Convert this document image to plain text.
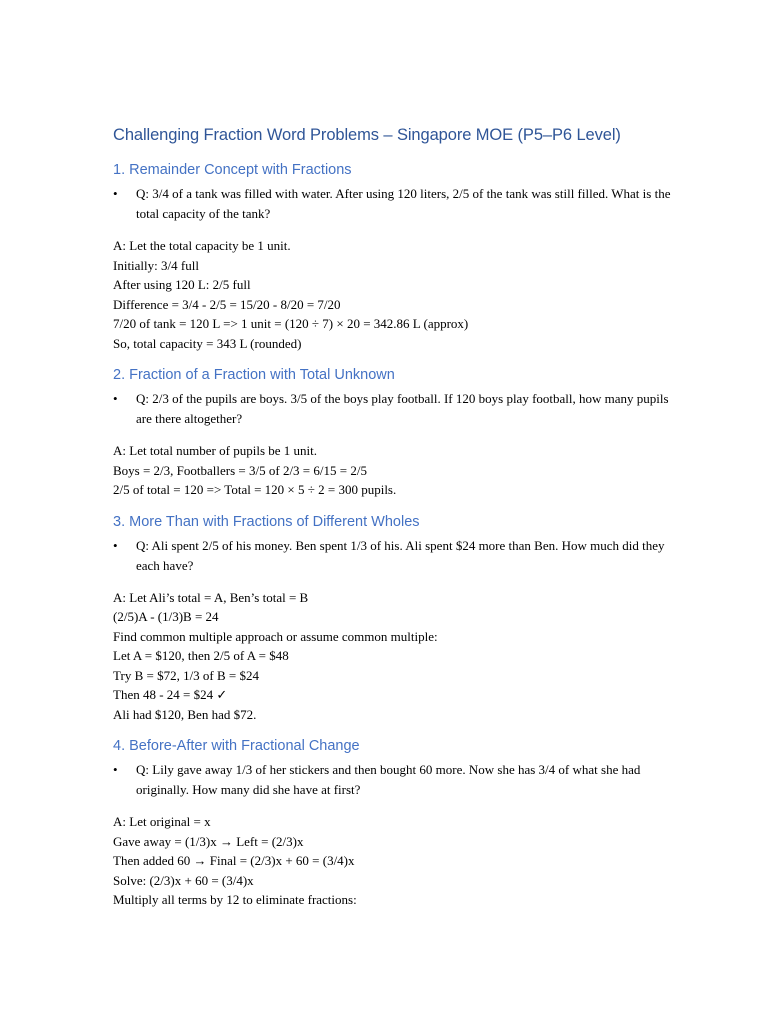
Challenging Fraction Word Problems – Singapore MOE (P5–P6 Level)
1. Remainder Concept with Fractions
• Q: 3/4 of a tank was filled with water. After using 120 liters, 2/5 of the tank was still filled. What is the total capacity of the tank?

A: Let the total capacity be 1 unit.

Initially: 3/4 full

After using 120 L: 2/5 full

Difference = 3/4 - 2/5 = 15/20 - 8/20 = 7/20

7/20 of tank = 120 L => 1 unit = (120 ÷ 7) × 20 = 342.86 L (approx)

So, total capacity = 343 L (rounded)

2. Fraction of a Fraction with Total Unknown
• Q: 2/3 of the pupils are boys. 3/5 of the boys play football. If 120 boys play football, how many pupils are there altogether?

A: Let total number of pupils be 1 unit.

Boys = 2/3, Footballers = 3/5 of 2/3 = 6/15 = 2/5

2/5 of total = 120 => Total = 120 × 5 ÷ 2 = 300 pupils.

3. More Than with Fractions of Different Wholes
• Q: Ali spent 2/5 of his money. Ben spent 1/3 of his. Ali spent $24 more than Ben. How much did they each have?

A: Let Ali’s total = A, Ben’s total = B

(2/5)A - (1/3)B = 24

Find common multiple approach or assume common multiple:

Let A = $120, then 2/5 of A = $48

Try B = $72, 1/3 of B = $24

Then 48 - 24 = $24 ✓

Ali had $120, Ben had $72.

4. Before-After with Fractional Change
• Q: Lily gave away 1/3 of her stickers and then bought 60 more. Now she has 3/4 of what she had originally. How many did she have at first?

A: Let original = x

Gave away = (1/3)x → Left = (2/3)x

Then added 60 → Final = (2/3)x + 60 = (3/4)x

Solve: (2/3)x + 60 = (3/4)x

Multiply all terms by 12 to eliminate fractions:
